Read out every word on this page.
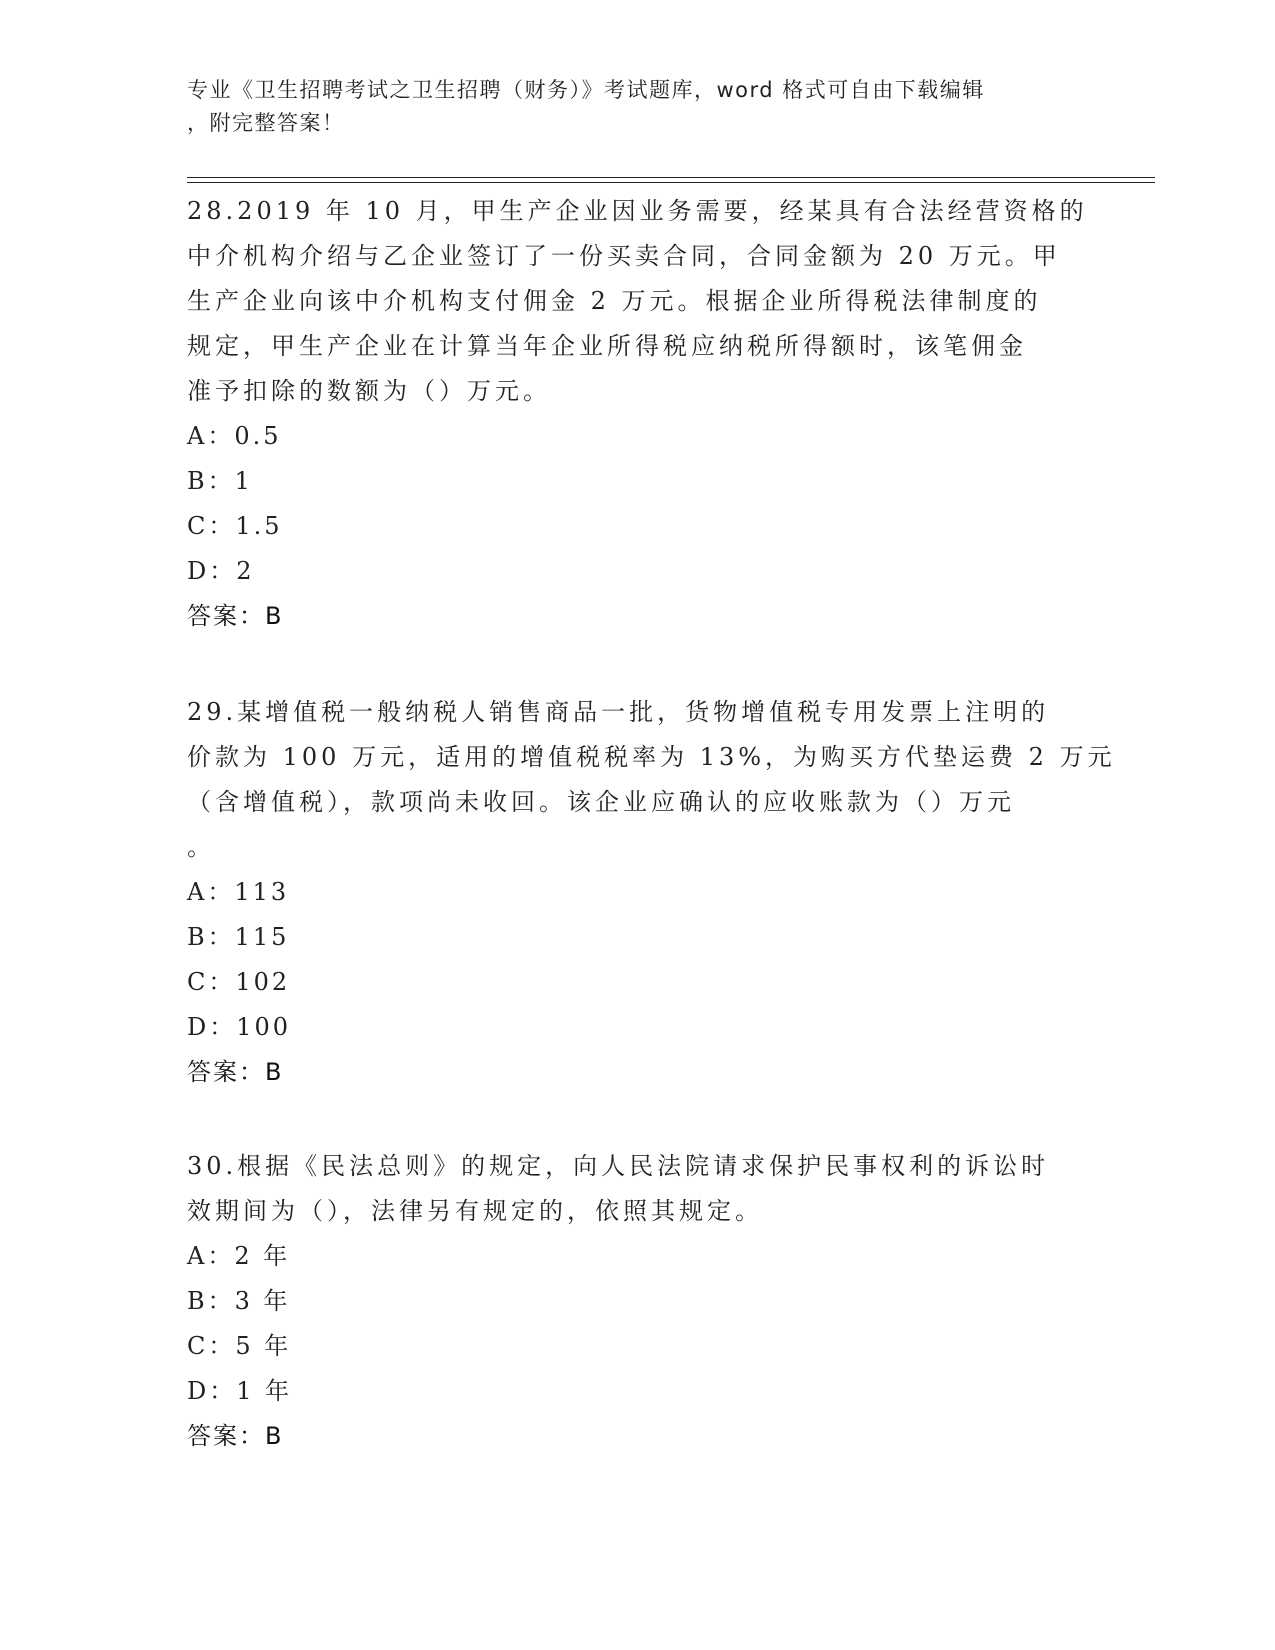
专业《卫生招聘考试之卫生招聘（财务）》考试题库，word 格式可自由下载编辑
，附完整答案！
28.2019 年 10 月，甲生产企业因业务需要，经某具有合法经营资格的
中介机构介绍与乙企业签订了一份买卖合同，合同金额为 20 万元。甲
生产企业向该中介机构支付佣金 2 万元。根据企业所得税法律制度的
规定，甲生产企业在计算当年企业所得税应纳税所得额时，该笔佣金
准予扣除的数额为（）万元。
A：0.5
B：1
C：1.5
D：2
答案：B
29.某增值税一般纳税人销售商品一批，货物增值税专用发票上注明的
价款为 100 万元，适用的增值税税率为 13%，为购买方代垫运费 2 万元
（含增值税），款项尚未收回。该企业应确认的应收账款为（）万元
。
A：113
B：115
C：102
D：100
答案：B
30.根据《民法总则》的规定，向人民法院请求保护民事权利的诉讼时
效期间为（），法律另有规定的，依照其规定。
A：2 年
B：3 年
C：5 年
D：1 年
答案：B
